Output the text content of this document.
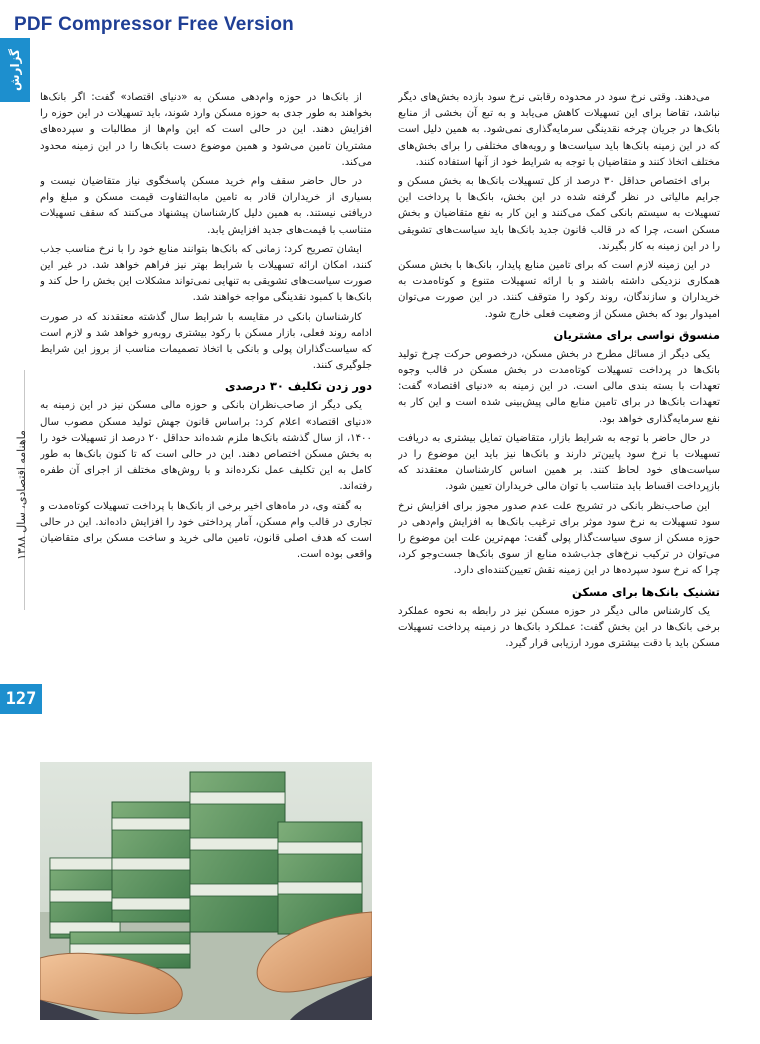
PDF Compressor Free Version
گزارش
ماهنامه اقتصادی، سال ۱۳۸۸
127

می‌دهند. وقتی نرخ سود در محدوده رقابتی نرخ سود بازده بخش‌های دیگر نباشد، تقاضا برای این تسهیلات کاهش می‌یابد و به تبع آن بخشی از منابع بانک‌ها در جریان چرخه نقدینگی سرمایه‌گذاری نمی‌شود. به همین دلیل است که در این زمینه بانک‌ها باید سیاست‌ها و رویه‌های مختلفی را برای بخش‌های مختلف اتخاذ کنند و متقاضیان با توجه به شرایط خود از آنها استفاده کنند.

برای اختصاص حداقل ۳۰ درصد از کل تسهیلات بانک‌ها به بخش مسکن و جرایم مالیاتی در نظر گرفته شده در این بخش، بانک‌ها با پرداخت این تسهیلات به سیستم بانکی کمک می‌کنند و این کار به نفع متقاضیان و بخش مسکن است، چرا که در قالب قانون جدید بانک‌ها باید سیاست‌های تشویقی را در این زمینه به کار بگیرند.

در این زمینه لازم است که برای تامین منابع پایدار، بانک‌ها با بخش مسکن همکاری نزدیکی داشته باشند و با ارائه تسهیلات متنوع و کوتاه‌مدت به خریداران و سازندگان، روند رکود را متوقف کنند. در این صورت می‌توان امیدوار بود که بخش مسکن از وضعیت فعلی خارج شود.

منسوق نواسی برای مشتریان

یکی دیگر از مسائل مطرح در بخش مسکن، درخصوص حرکت چرخ تولید بانک‌ها در پرداخت تسهیلات کوتاه‌مدت در بخش مسکن در قالب وجوه تعهدات با بسته بندی مالی است. در این زمینه به «دنیای اقتصاد» گفت: تعهدات بانک‌ها در برای تامین منابع مالی پیش‌بینی شده است و این کار به نفع سرمایه‌گذاری خواهد بود.

در حال حاضر با توجه به شرایط بازار، متقاضیان تمایل بیشتری به دریافت تسهیلات با نرخ سود پایین‌تر دارند و بانک‌ها نیز باید این موضوع را در سیاست‌های خود لحاظ کنند. بر همین اساس کارشناسان معتقدند که بازپرداخت اقساط باید متناسب با توان مالی خریداران تعیین شود.

این صاحب‌نظر بانکی در تشریح علت عدم صدور مجوز برای افزایش نرخ سود تسهیلات به نرخ سود موثر برای ترغیب بانک‌ها به افزایش وام‌دهی در حوزه مسکن از سوی سیاست‌گذار پولی گفت: مهم‌ترین علت این موضوع را می‌توان در ترکیب نرخ‌های جذب‌شده منابع از سوی بانک‌ها جست‌وجو کرد، چرا که نرخ سود سپرده‌ها در این زمینه نقش تعیین‌کننده‌ای دارد.

تشنیک بانک‌ها برای مسکن

یک کارشناس مالی دیگر در حوزه مسکن نیز در رابطه به نحوه عملکرد برخی بانک‌ها در این بخش گفت: عملکرد بانک‌ها در زمینه پرداخت تسهیلات مسکن باید با دقت بیشتری مورد ارزیابی قرار گیرد.

از بانک‌ها در حوزه وام‌دهی مسکن به «دنیای اقتصاد» گفت: اگر بانک‌ها بخواهند به طور جدی به حوزه مسکن وارد شوند، باید تسهیلات در این حوزه را افزایش دهند. این در حالی است که این وام‌ها از مطالبات و سپرده‌های مشتریان تامین می‌شود و همین موضوع دست بانک‌ها را در این زمینه محدود می‌کند.

در حال حاضر سقف وام خرید مسکن پاسخگوی نیاز متقاضیان نیست و بسیاری از خریداران قادر به تامین مابه‌التفاوت قیمت مسکن و مبلغ وام دریافتی نیستند. به همین دلیل کارشناسان پیشنهاد می‌کنند که سقف تسهیلات متناسب با قیمت‌های جدید افزایش یابد.

ایشان تصریح کرد: زمانی که بانک‌ها بتوانند منابع خود را با نرخ مناسب جذب کنند، امکان ارائه تسهیلات با شرایط بهتر نیز فراهم خواهد شد. در غیر این صورت سیاست‌های تشویقی به تنهایی نمی‌تواند مشکلات این بخش را حل کند و بانک‌ها با کمبود نقدینگی مواجه خواهند شد.

کارشناسان بانکی در مقایسه با شرایط سال گذشته معتقدند که در صورت ادامه روند فعلی، بازار مسکن با رکود بیشتری روبه‌رو خواهد شد و لازم است که سیاست‌گذاران پولی و بانکی با اتخاذ تصمیمات مناسب از بروز این شرایط جلوگیری کنند.

دور زدن تکلیف ۳۰ درصدی

یکی دیگر از صاحب‌نظران بانکی و حوزه مالی مسکن نیز در این زمینه به «دنیای اقتصاد» اعلام کرد: براساس قانون جهش تولید مسکن مصوب سال ۱۴۰۰، از سال گذشته بانک‌ها ملزم شده‌اند حداقل ۲۰ درصد از تسهیلات خود را به بخش مسکن اختصاص دهند. این در حالی است که تا کنون بانک‌ها به طور کامل به این تکلیف عمل نکرده‌اند و با روش‌های مختلف از اجرای آن طفره رفته‌اند.

به گفته وی، در ماه‌های اخیر برخی از بانک‌ها با پرداخت تسهیلات کوتاه‌مدت و تجاری در قالب وام مسکن، آمار پرداختی خود را افزایش داده‌اند. این در حالی است که هدف اصلی قانون، تامین مالی خرید و ساخت مسکن برای متقاضیان واقعی بوده است.
